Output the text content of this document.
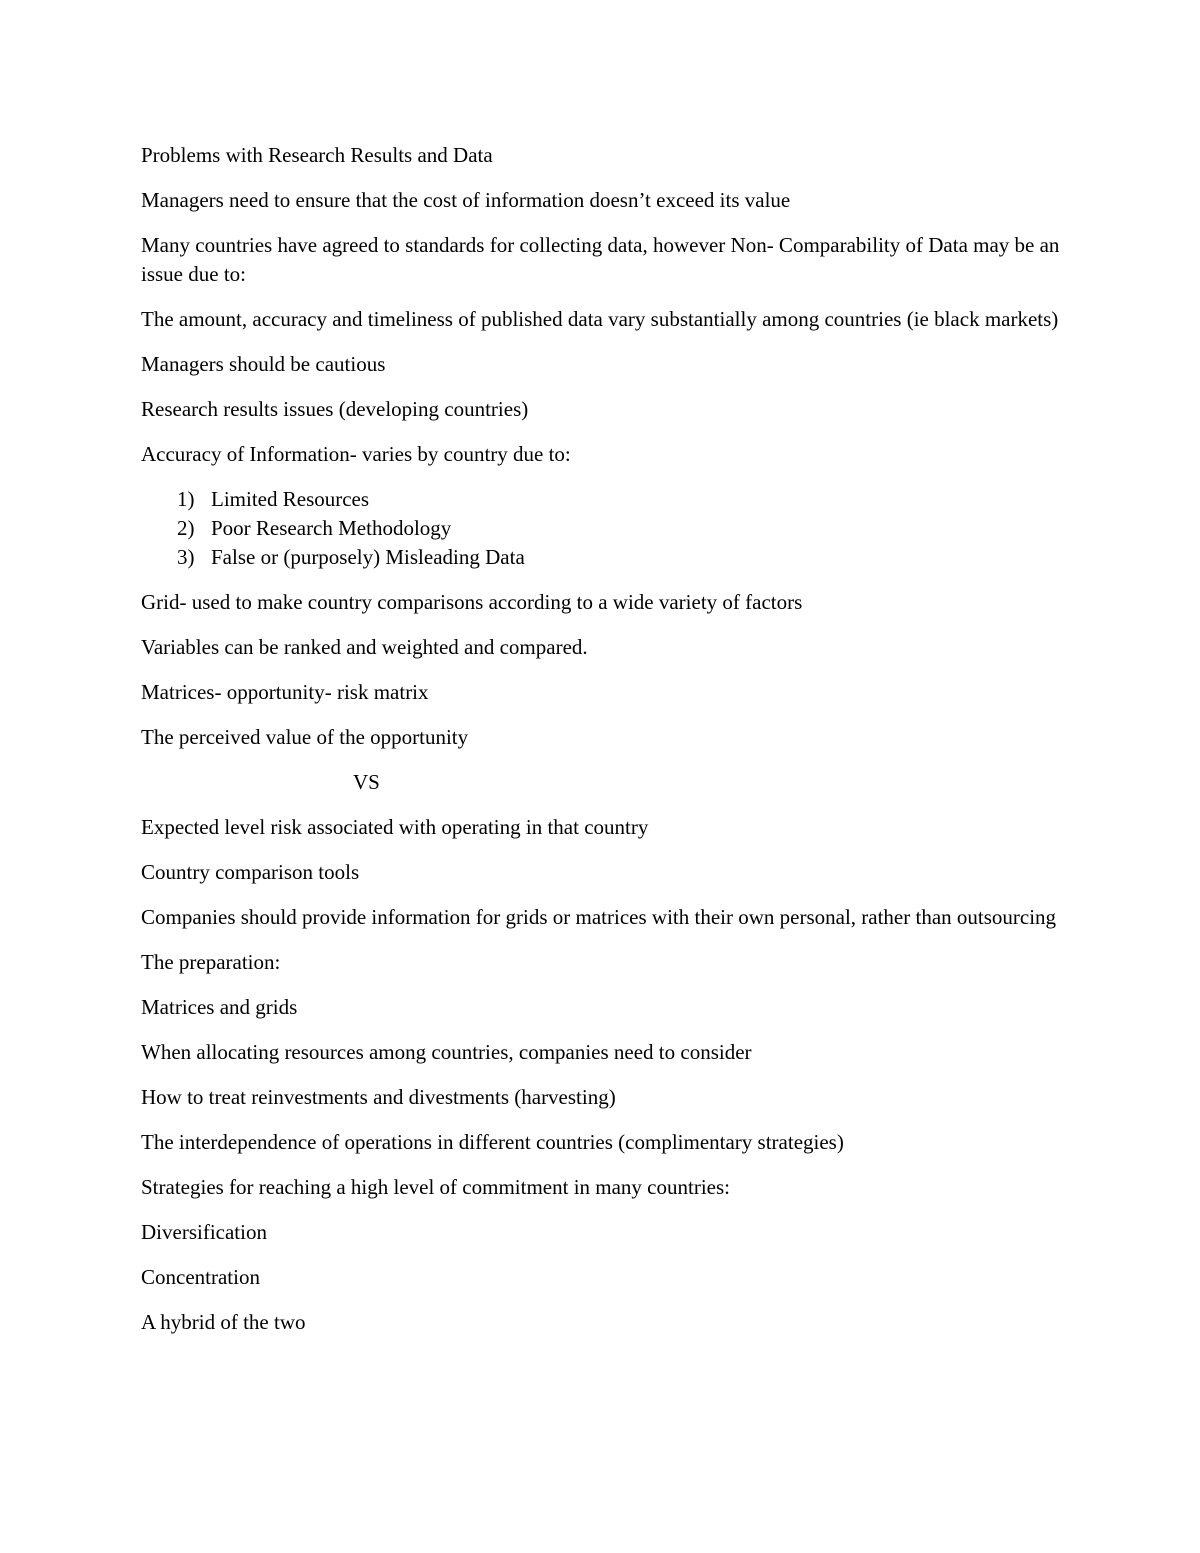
Problems with Research Results and Data

Managers need to ensure that the cost of information doesn’t exceed its value

Many countries have agreed to standards for collecting data, however Non- Comparability of Data may be an issue due to:

The amount, accuracy and timeliness of published data vary substantially among countries (ie black markets)

Managers should be cautious

Research results issues (developing countries)

Accuracy of Information- varies by country due to:

1) Limited Resources
2) Poor Research Methodology
3) False or (purposely) Misleading Data

Grid- used to make country comparisons according to a wide variety of factors

Variables can be ranked and weighted and compared.

Matrices- opportunity- risk matrix

The perceived value of the opportunity

VS

Expected level risk associated with operating in that country

Country comparison tools

Companies should provide information for grids or matrices with their own personal, rather than outsourcing

The preparation:

Matrices and grids

When allocating resources among countries, companies need to consider

How to treat reinvestments and divestments (harvesting)

The interdependence of operations in different countries (complimentary strategies)

Strategies for reaching a high level of commitment in many countries:

Diversification

Concentration

A hybrid of the two
